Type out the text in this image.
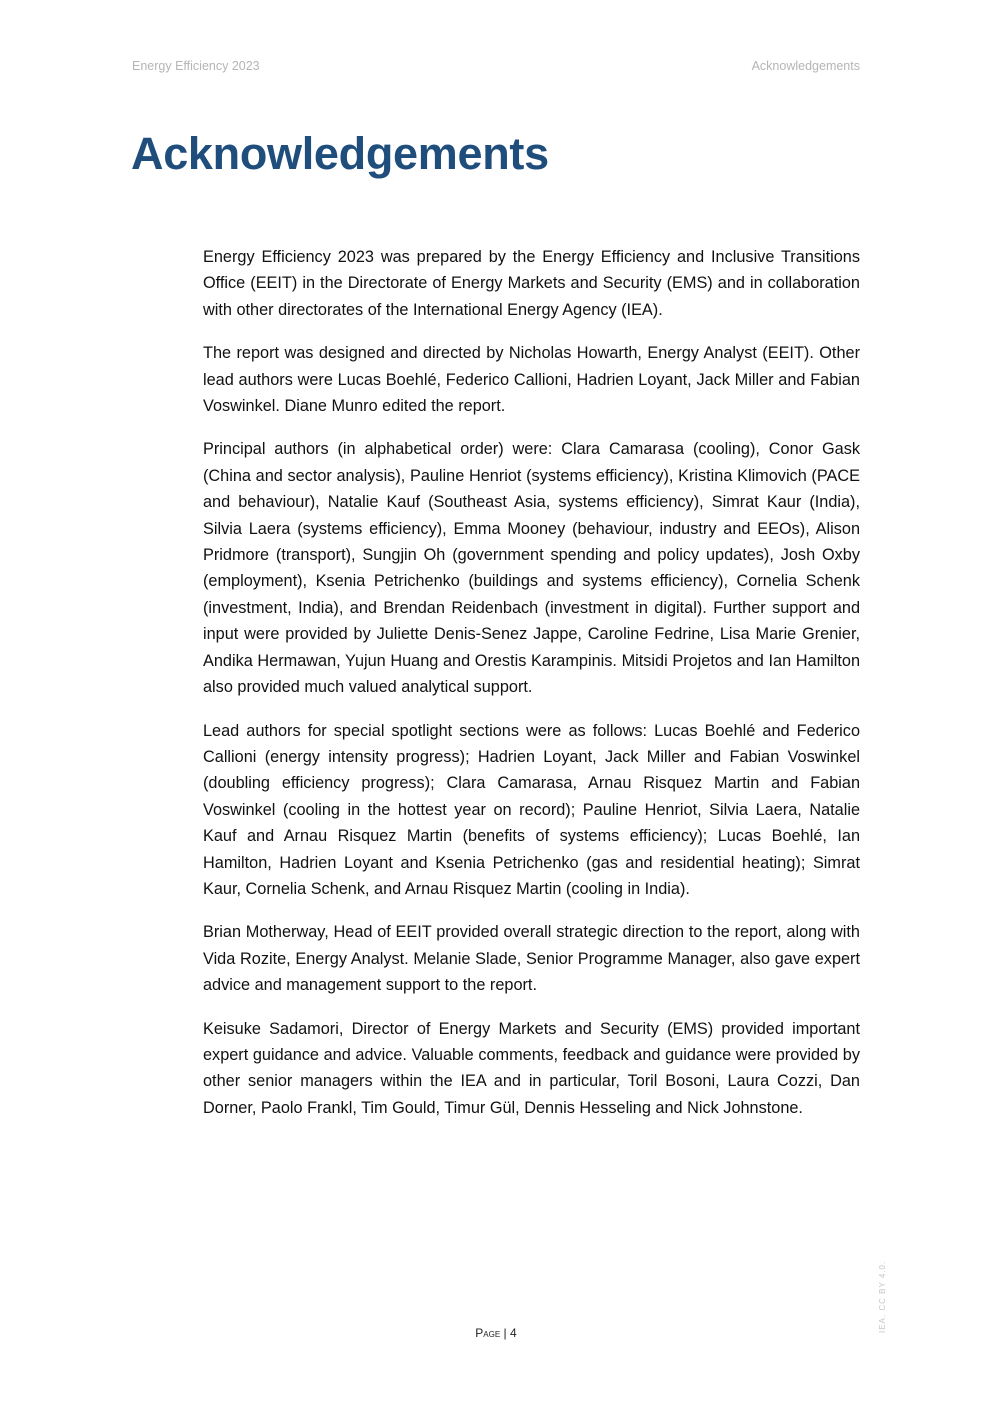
Energy Efficiency 2023	Acknowledgements
Acknowledgements

Energy Efficiency 2023 was prepared by the Energy Efficiency and Inclusive Transitions Office (EEIT) in the Directorate of Energy Markets and Security (EMS) and in collaboration with other directorates of the International Energy Agency (IEA).

The report was designed and directed by Nicholas Howarth, Energy Analyst (EEIT). Other lead authors were Lucas Boehlé, Federico Callioni, Hadrien Loyant, Jack Miller and Fabian Voswinkel. Diane Munro edited the report.

Principal authors (in alphabetical order) were: Clara Camarasa (cooling), Conor Gask (China and sector analysis), Pauline Henriot (systems efficiency), Kristina Klimovich (PACE and behaviour), Natalie Kauf (Southeast Asia, systems efficiency), Simrat Kaur (India), Silvia Laera (systems efficiency), Emma Mooney (behaviour, industry and EEOs), Alison Pridmore (transport), Sungjin Oh (government spending and policy updates), Josh Oxby (employment), Ksenia Petrichenko (buildings and systems efficiency), Cornelia Schenk (investment, India), and Brendan Reidenbach (investment in digital). Further support and input were provided by Juliette Denis-Senez Jappe, Caroline Fedrine, Lisa Marie Grenier, Andika Hermawan, Yujun Huang and Orestis Karampinis. Mitsidi Projetos and Ian Hamilton also provided much valued analytical support.

Lead authors for special spotlight sections were as follows: Lucas Boehlé and Federico Callioni (energy intensity progress); Hadrien Loyant, Jack Miller and Fabian Voswinkel (doubling efficiency progress); Clara Camarasa, Arnau Risquez Martin and Fabian Voswinkel (cooling in the hottest year on record); Pauline Henriot, Silvia Laera, Natalie Kauf and Arnau Risquez Martin (benefits of systems efficiency); Lucas Boehlé, Ian Hamilton, Hadrien Loyant and Ksenia Petrichenko (gas and residential heating); Simrat Kaur, Cornelia Schenk, and Arnau Risquez Martin (cooling in India).

Brian Motherway, Head of EEIT provided overall strategic direction to the report, along with Vida Rozite, Energy Analyst. Melanie Slade, Senior Programme Manager, also gave expert advice and management support to the report.

Keisuke Sadamori, Director of Energy Markets and Security (EMS) provided important expert guidance and advice. Valuable comments, feedback and guidance were provided by other senior managers within the IEA and in particular, Toril Bosoni, Laura Cozzi, Dan Dorner, Paolo Frankl, Tim Gould, Timur Gül, Dennis Hesseling and Nick Johnstone.

Page | 4	IEA. CC BY 4.0.
